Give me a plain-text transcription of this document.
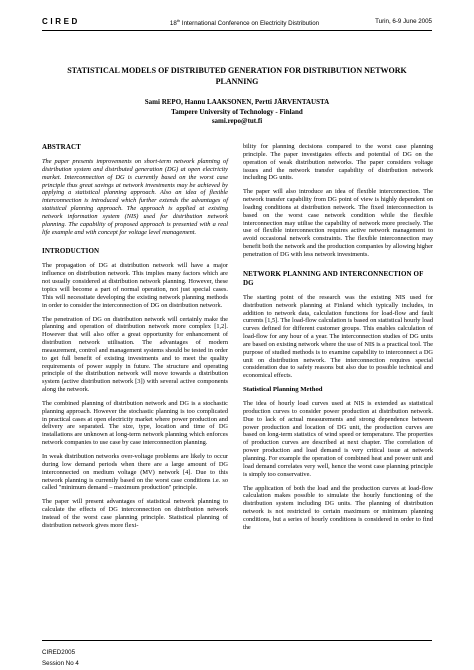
CIRED	18th International Conference on Electricity Distribution	Turin, 6-9 June 2005
STATISTICAL MODELS OF DISTRIBUTED GENERATION FOR DISTRIBUTION NETWORK PLANNING
Sami REPO, Hannu LAAKSONEN, Pertti JÄRVENTAUSTA
Tampere University of Technology - Finland
sami.repo@tut.fi
ABSTRACT

The paper presents improvements on short-term network planning of distribution system and distributed generation (DG) at open electricity market. Interconnection of DG is currently based on the worst case principle thus great savings at network investments may be achieved by applying a statistical planning approach. Also an idea of flexible interconnection is introduced which further extends the advantages of statistical planning approach. The approach is applied at existing network information system (NIS) used for distribution network planning. The capability of proposed approach is presented with a real life example and with concept for voltage level management.

INTRODUCTION

The propagation of DG at distribution network will have a major influence on distribution network. This implies many factors which are not usually considered at distribution network planning. However, these topics will become a part of normal operation, not just special cases. This will necessitate developing the existing network planning methods in order to consider the interconnection of DG on distribution network.

The penetration of DG on distribution network will certainly make the planning and operation of distribution network more complex [1,2]. However that will also offer a great opportunity for enhancement of distribution network utilisation. The advantages of modern measurement, control and management systems should be tested in order to get full benefit of existing investments and to meet the quality requirements of power supply in future. The structure and operating principle of the distribution network will move towards a distribution system (active distribution network [3]) with several active components along the network.

The combined planning of distribution network and DG is a stochastic planning approach. However the stochastic planning is too complicated in practical cases at open electricity market where power production and delivery are separated. The size, type, location and time of DG installations are unknown at long-term network planning which enforces network companies to use case by case interconnection planning.

In weak distribution networks over-voltage problems are likely to occur during low demand periods when there are a large amount of DG interconnected on medium voltage (MV) network [4]. Due to this network planning is currently based on the worst case conditions i.e. so called "minimum demand – maximum production" principle.

The paper will present advantages of statistical network planning to calculate the effects of DG interconnection on distribution network instead of the worst case planning principle. Statistical planning of distribution network gives more flexi-

bility for planning decisions compared to the worst case planning principle. The paper investigates effects and potential of DG on the operation of weak distribution networks. The paper considers voltage issues and the network transfer capability of distribution network including DG units.

The paper will also introduce an idea of flexible interconnection. The network transfer capability from DG point of view is highly dependent on loading conditions at distribution network. The fixed interconnection is based on the worst case network condition while the flexible interconnection may utilise the capability of network more precisely. The use of flexible interconnection requires active network management to avoid occasional network constraints. The flexible interconnection may benefit both the network and the production companies by allowing higher penetration of DG with less network investments.

NETWORK PLANNING AND INTERCONNECTION OF DG

The starting point of the research was the existing NIS used for distribution network planning at Finland which typically includes, in addition to network data, calculation functions for load-flow and fault currents [1,5]. The load-flow calculation is based on statistical hourly load curves defined for different customer groups. This enables calculation of load-flow for any hour of a year. The interconnection studies of DG units are based on existing network where the use of NIS is a practical tool. The purpose of studied methods is to examine capability to interconnect a DG unit on distribution network. The interconnection requires special consideration due to safety reasons but also due to possible technical and economical effects.

Statistical Planning Method

The idea of hourly load curves used at NIS is extended as statistical production curves to consider power production at distribution network. Due to lack of actual measurements and strong dependence between power production and location of DG unit, the production curves are based on long-term statistics of wind speed or temperature. The properties of production curves are described at next chapter. The correlation of power production and load demand is very critical issue at network planning. For example the operation of combined heat and power unit and load demand correlates very well, hence the worst case planning principle is simply too conservative.

The application of both the load and the production curves at load-flow calculation makes possible to simulate the hourly functioning of the distribution system including DG units. The planning of distribution network is not restricted to certain maximum or minimum planning conditions, but a series of hourly conditions is considered in order to find the

CIRED2005
Session No 4
